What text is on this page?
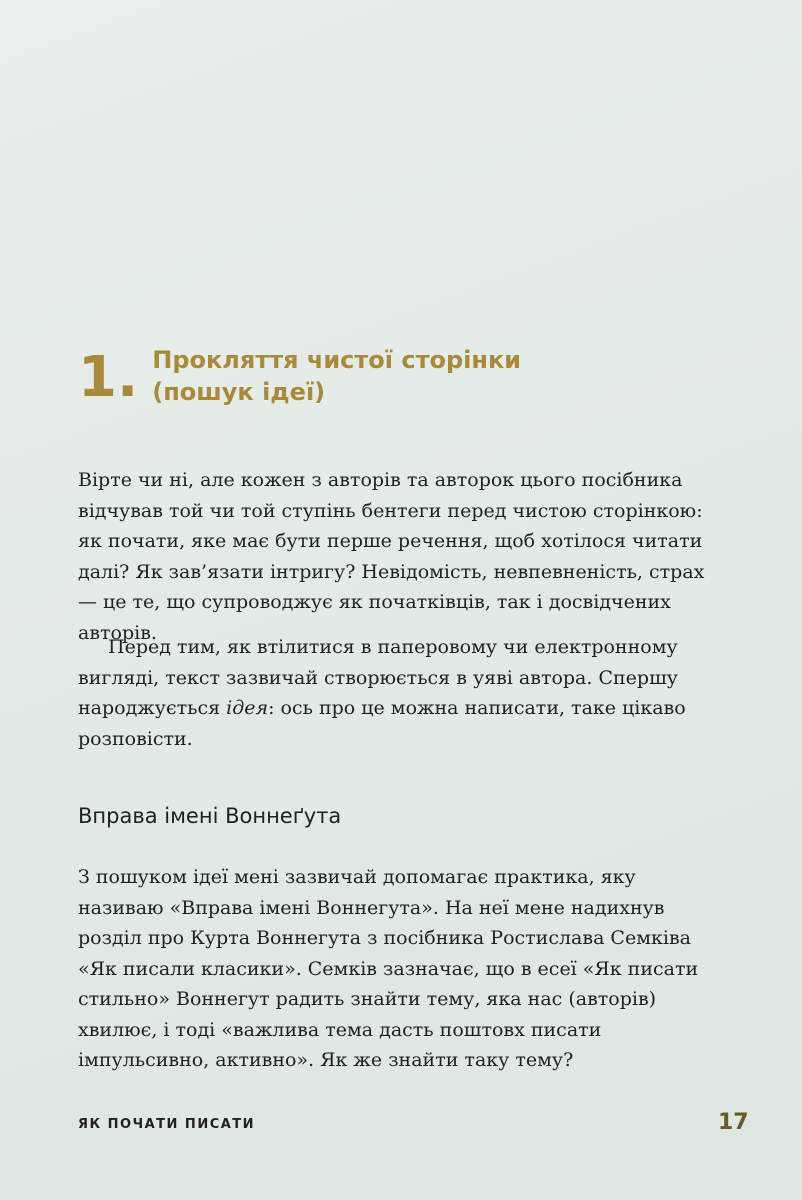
1. Прокляття чистої сторінки
(пошук ідеї)

Вірте чи ні, але кожен з авторів та авторок цього посібника відчував той чи той ступінь бентеги перед чистою сторінкою: як почати, яке має бути перше речення, щоб хотілося читати далі? Як зав’язати інтригу? Невідомість, невпевненість, страх — це те, що супроводжує як початківців, так і досвідчених авторів.

Перед тим, як втілитися в паперовому чи електронному вигляді, текст зазвичай створюється в уяві автора. Спершу народжується ідея: ось про це можна написати, таке цікаво розповісти.

Вправа імені Воннеґута

З пошуком ідеї мені зазвичай допомагає практика, яку називаю «Вправа імені Воннегута». На неї мене надихнув розділ про Курта Воннегута з посібника Ростислава Семківа «Як писали класики». Семків зазначає, що в есеї «Як писати стильно» Воннегут радить знайти тему, яка нас (авторів) хвилює, і тоді «важлива тема дасть поштовх писати імпульсивно, активно». Як же знайти таку тему?

ЯК ПОЧАТИ ПИСАТИ	17
